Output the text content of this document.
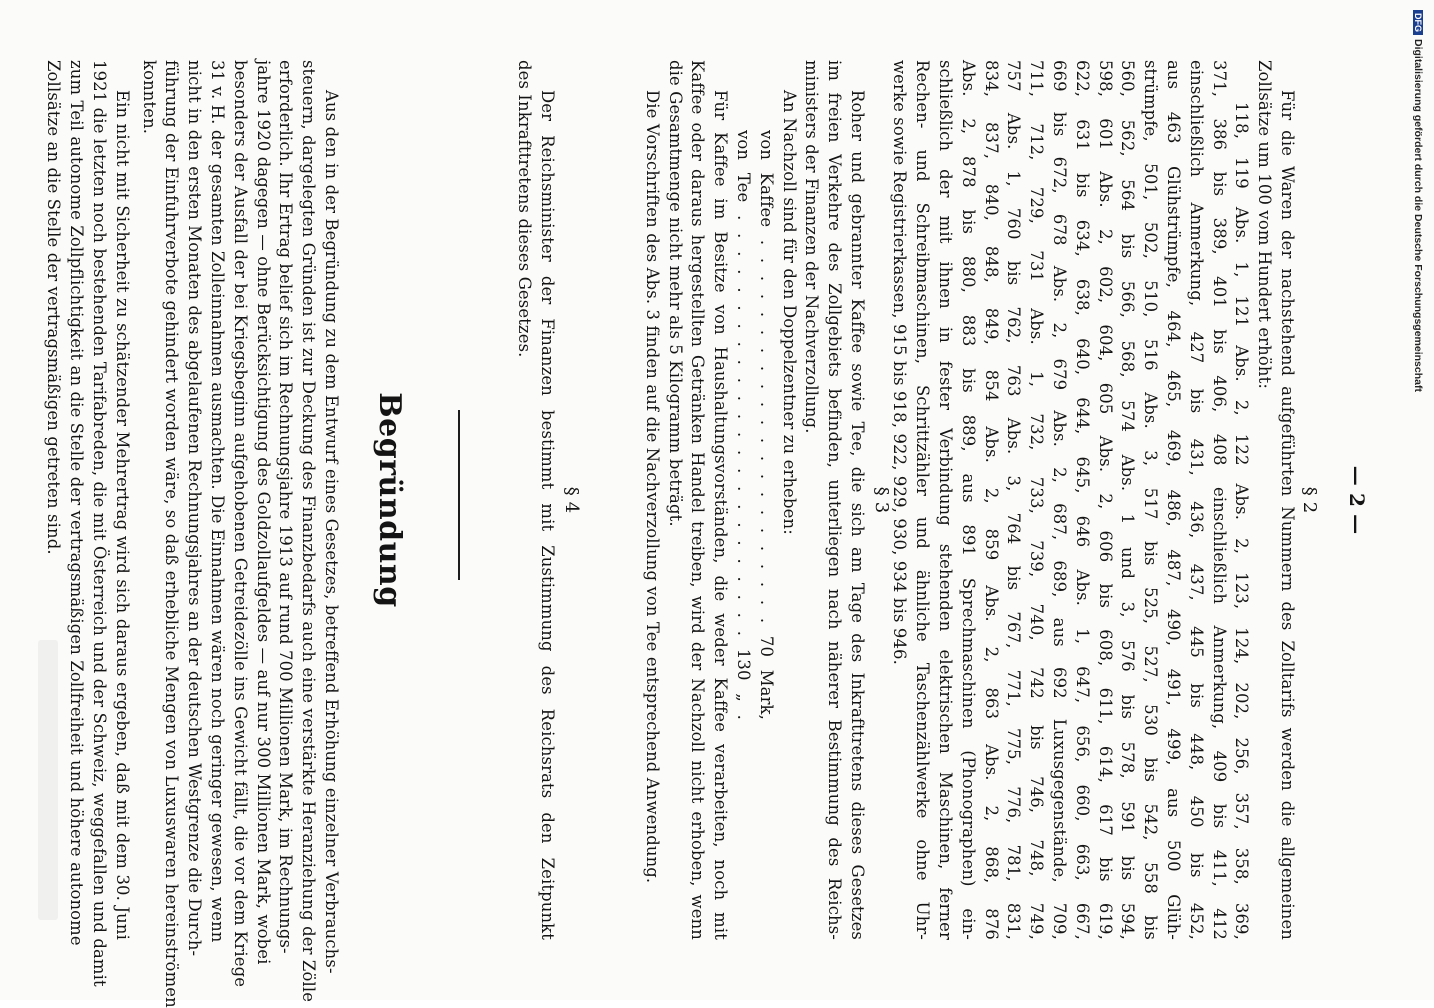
— 2 —
§ 2
Für die Waren der nachstehend aufgeführten Nummern des Zolltarifs werden die allgemeinen
Zollsätze um 100 vom Hundert erhöht:
118, 119 Abs. 1, 121 Abs. 2, 122 Abs. 2, 123, 124, 202, 256, 357, 358, 369,
371, 386 bis 389, 401 bis 406, 408 einschließlich Anmerkung, 409 bis 411, 412
einschließlich Anmerkung, 427 bis 431, 436, 437, 445 bis 448, 450 bis 452,
aus 463 Glühstrümpfe, 464, 465, 469, 486, 487, 490, 491, 499, aus 500 Glüh-
strümpfe, 501, 502, 510, 516 Abs. 3, 517 bis 525, 527, 530 bis 542, 558 bis
560, 562, 564 bis 566, 568, 574 Abs. 1 und 3, 576 bis 578, 591 bis 594,
598, 601 Abs. 2, 602, 604, 605 Abs. 2, 606 bis 608, 611, 614, 617 bis 619,
622, 631 bis 634, 638, 640, 644, 645, 646 Abs. 1, 647, 656, 660, 663, 667,
669 bis 672, 678 Abs. 2, 679 Abs. 2, 687, 689, aus 692 Luxusgegenstände, 709,
711, 712, 729, 731 Abs. 1, 732, 733, 739, 740, 742 bis 746, 748, 749,
757 Abs. 1, 760 bis 762, 763 Abs. 3, 764 bis 767, 771, 775, 776, 781, 831,
834, 837, 840, 848, 849, 854 Abs. 2, 859 Abs. 2, 863 Abs. 2, 868, 876
Abs. 2, 878 bis 880, 883 bis 889, aus 891 Sprechmaschinen (Phonographen) ein-
schließlich der mit ihnen in fester Verbindung stehenden elektrischen Maschinen, ferner
Rechen- und Schreibmaschinen, Schrittzähler und ähnliche Taschenzählwerke ohne Uhr-
werke sowie Registrierkassen, 915 bis 918, 922, 929, 930, 934 bis 946.
§ 3
Roher und gebrannter Kaffee sowie Tee, die sich am Tage des Inkrafttretens dieses Gesetzes
im freien Verkehre des Zollgebiets befinden, unterliegen nach näherer Bestimmung des Reichs-
ministers der Finanzen der Nachverzollung.
An Nachzoll sind für den Doppelzentner zu erheben:
von Kaffee . . . . . . . . . . . . . . . . . . . . . . 70 Mark,
von Tee . . . . . . . . . . . . . . . . . . . . . . . . 130 „ .
Für Kaffee im Besitze von Haushaltungsvorständen, die weder Kaffee verarbeiten, noch mit
Kaffee oder daraus hergestellten Getränken Handel treiben, wird der Nachzoll nicht erhoben, wenn
die Gesamtmenge nicht mehr als 5 Kilogramm beträgt.
Die Vorschriften des Abs. 3 finden auf die Nachverzollung von Tee entsprechend Anwendung.
§ 4
Der Reichsminister der Finanzen bestimmt mit Zustimmung des Reichsrats den Zeitpunkt
des Inkrafttretens dieses Gesetzes.
Begründung
Aus den in der Begründung zu dem Entwurf eines Gesetzes, betreffend Erhöhung einzelner Verbrauchs-
steuern, dargelegten Gründen ist zur Deckung des Finanzbedarfs auch eine verstärkte Heranziehung der Zölle
erforderlich. Ihr Ertrag belief sich im Rechnungsjahre 1913 auf rund 700 Millionen Mark, im Rechnungs-
jahre 1920 dagegen — ohne Berücksichtigung des Goldzollaufgeldes — auf nur 300 Millionen Mark, wobei
besonders der Ausfall der bei Kriegsbeginn aufgehobenen Getreidezölle ins Gewicht fällt, die vor dem Kriege
31 v. H. der gesamten Zolleinnahmen ausmachten. Die Einnahmen wären noch geringer gewesen, wenn
nicht in den ersten Monaten des abgelaufenen Rechnungsjahres an der deutschen Westgrenze die Durch-
führung der Einfuhrverbote gehindert worden wäre, so daß erhebliche Mengen von Luxuswaren hereinströmen
konnten.
Ein nicht mit Sicherheit zu schätzender Mehrertrag wird sich daraus ergeben, daß mit dem 30. Juni
1921 die letzten noch bestehenden Tarifabreden, die mit Österreich und der Schweiz, weggefallen und damit
zum Teil autonome Zollpflichtigkeit an die Stelle der vertragsmäßigen Zollfreiheit und höhere autonome
Zollsätze an die Stelle der vertragsmäßigen getreten sind.
DFGDigitalisierung gefördert durch die Deutsche Forschungsgemeinschaft
